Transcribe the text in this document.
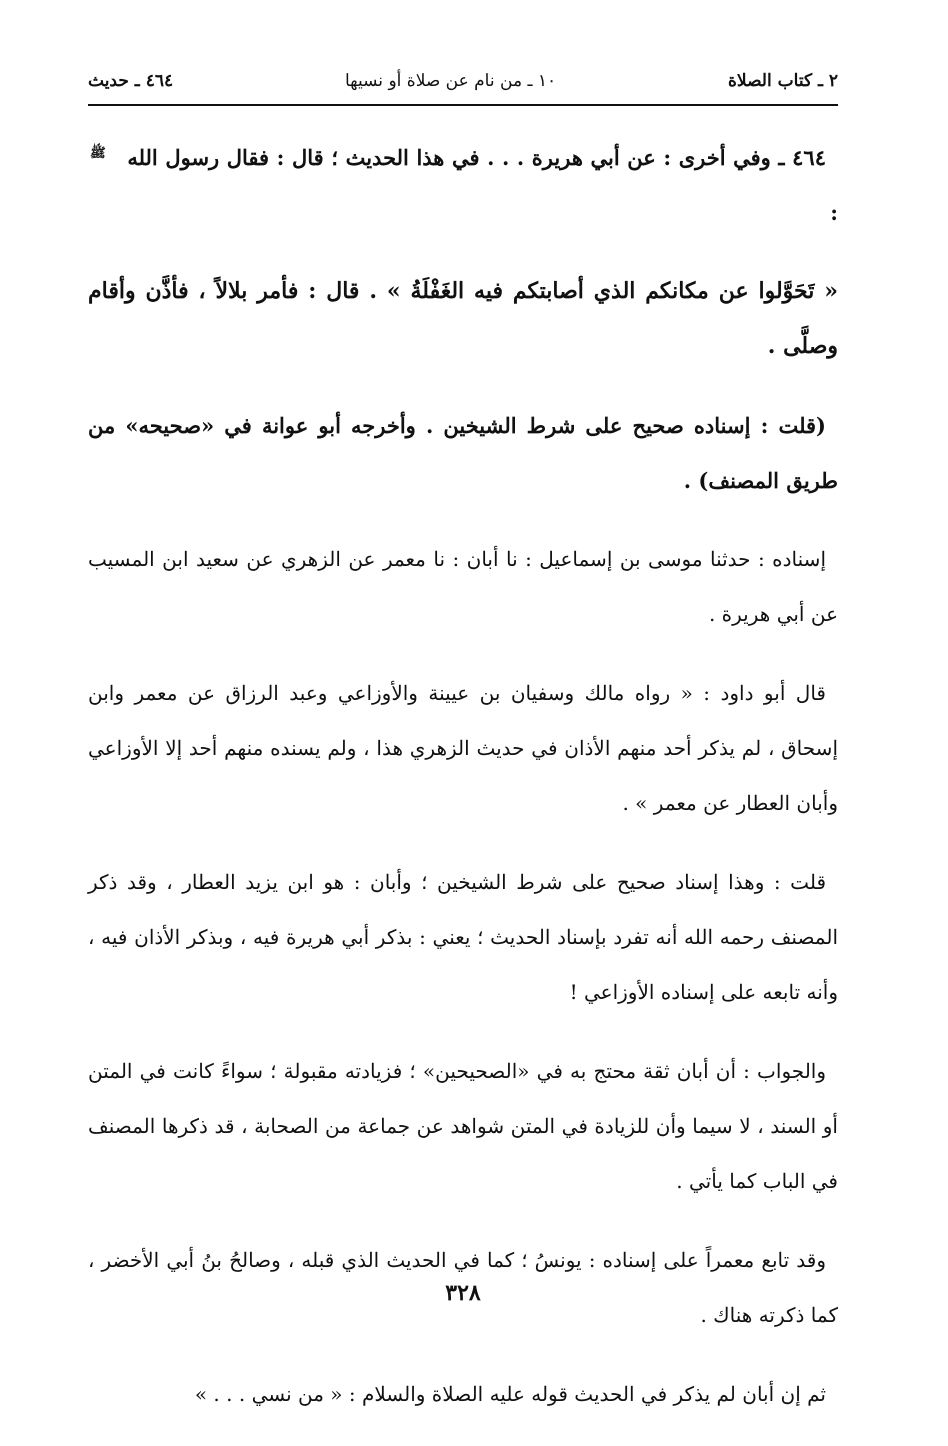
٢ ـ كتاب الصلاة
١٠ ـ من نام عن صلاة أو نسيها
٤٦٤ ـ حديث

٤٦٤ ـ وفي أخرى : عن أبي هريرة . . . في هذا الحديث ؛ قال : فقال رسول الله ﷺ :

« تَحَوَّلوا عن مكانكم الذي أصابتكم فيه الغَفْلَةُ » . قال : فأمر بلالاً ، فأذَّن وأقام وصلَّى .

(قلت : إسناده صحيح على شرط الشيخين . وأخرجه أبو عوانة في «صحيحه» من طريق المصنف) .

إسناده : حدثنا موسى بن إسماعيل : نا أبان : نا معمر عن الزهري عن سعيد ابن المسيب عن أبي هريرة .

قال أبو داود : « رواه مالك وسفيان بن عيينة والأوزاعي وعبد الرزاق عن معمر وابن إسحاق ، لم يذكر أحد منهم الأذان في حديث الزهري هذا ، ولم يسنده منهم أحد إلا الأوزاعي وأبان العطار عن معمر » .

قلت : وهذا إسناد صحيح على شرط الشيخين ؛ وأبان : هو ابن يزيد العطار ، وقد ذكر المصنف رحمه الله أنه تفرد بإسناد الحديث ؛ يعني : بذكر أبي هريرة فيه ، وبذكر الأذان فيه ، وأنه تابعه على إسناده الأوزاعي !

والجواب : أن أبان ثقة محتج به في «الصحيحين» ؛ فزيادته مقبولة ؛ سواءً كانت في المتن أو السند ، لا سيما وأن للزيادة في المتن شواهد عن جماعة من الصحابة ، قد ذكرها المصنف في الباب كما يأتي .

وقد تابع معمراً على إسناده : يونسُ ؛ كما في الحديث الذي قبله ، وصالحُ بنُ أبي الأخضر ، كما ذكرته هناك .

ثم إن أبان لم يذكر في الحديث قوله عليه الصلاة والسلام : « من نسي . . . »

٣٢٨
